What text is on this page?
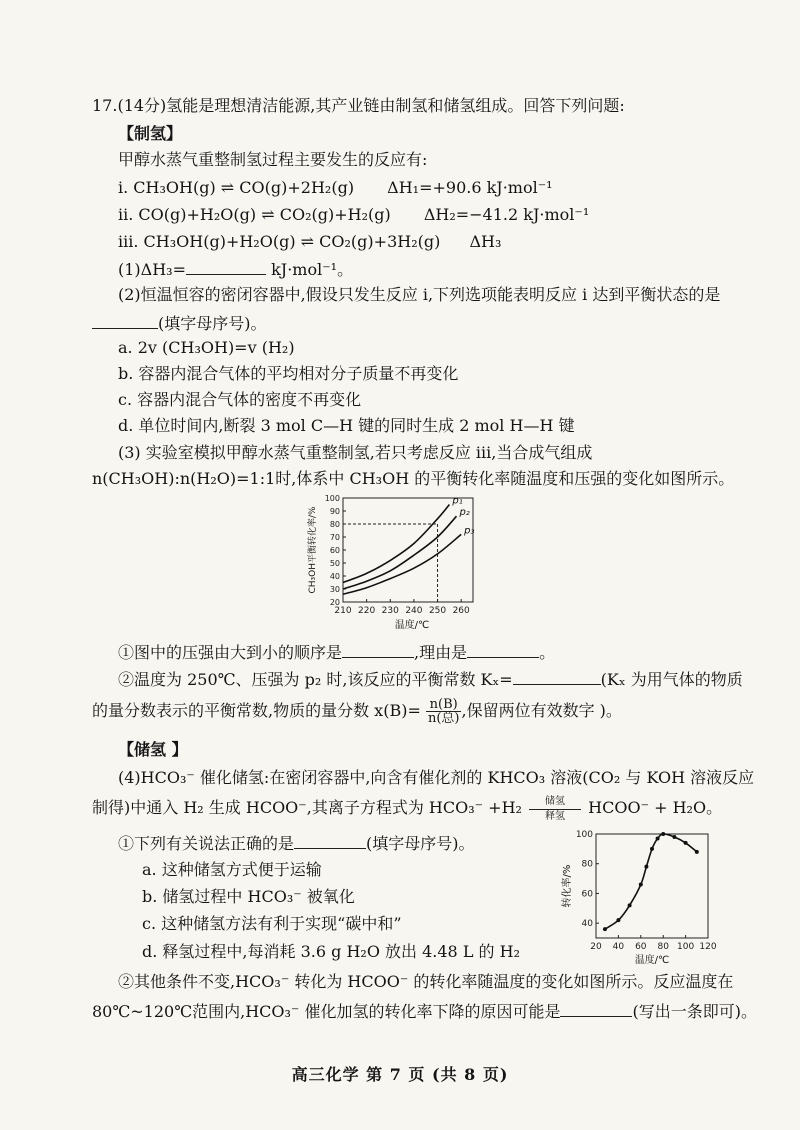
17.(14分)氢能是理想清洁能源,其产业链由制氢和储氢组成。回答下列问题:
【制氢】
甲醇水蒸气重整制氢过程主要发生的反应有:
i. CH₃OH(g) ⇌ CO(g)+2H₂(g) ΔH₁=+90.6 kJ·mol⁻¹
ii. CO(g)+H₂O(g) ⇌ CO₂(g)+H₂(g) ΔH₂=−41.2 kJ·mol⁻¹
iii. CH₃OH(g)+H₂O(g) ⇌ CO₂(g)+3H₂(g) ΔH₃
(1)ΔH₃=	kJ·mol⁻¹。
(2)恒温恒容的密闭容器中,假设只发生反应 i,下列选项能表明反应 i 达到平衡状态的是
(填字母序号)。
a. 2v (CH₃OH)=v (H₂)
b. 容器内混合气体的平均相对分子质量不再变化
c. 容器内混合气体的密度不再变化
d. 单位时间内,断裂 3 mol C—H 键的同时生成 2 mol H—H 键
(3) 实验室模拟甲醇水蒸气重整制氢,若只考虑反应 iii,当合成气组成
n(CH₃OH):n(H₂O)=1:1时,体系中 CH₃OH 的平衡转化率随温度和压强的变化如图所示。
210 220 230 240 250 260
20
30
40
50
60
70
80
90
100	p₁
p₂
p₃
温度/℃
CH₃OH平衡转化率/%
①图中的压强由大到小的顺序是	,理由是	。
②温度为 250℃、压强为 p₂ 时,该反应的平衡常数 Kₓ=	(Kₓ 为用气体的物质
的量分数表示的平衡常数,物质的量分数 $x(B)= \frac{n(B)}{\text{n(总)}}$ ,保留两位有效数字 )。
【储氢 】
(4)HCO₃⁻ 催化储氢:在密闭容器中,向含有催化剂的 KHCO₃ 溶液(CO₂ 与 KOH 溶液反应
制得)中通入 H₂ 生成 HCOO⁻,其离子方程式为 HCO₃⁻ +H₂	储氢
释氢	HCOO⁻ + H₂O。
①下列有关说法正确的是	(填字母序号)。
a. 这种储氢方式便于运输
b. 储氢过程中 HCO₃⁻ 被氧化
c. 这种储氢方法有利于实现“碳中和”
d. 释氢过程中,每消耗 3.6 g H₂O 放出 4.48 L 的 H₂	20 40 60 80 100 120
40
60
80
100
温度/℃
转化率/%
②其他条件不变,HCO₃⁻ 转化为 HCOO⁻ 的转化率随温度的变化如图所示。反应温度在
80℃~120℃范围内,HCO₃⁻ 催化加氢的转化率下降的原因可能是	(写出一条即可)。
高三化学 第 7 页 (共 8 页)
